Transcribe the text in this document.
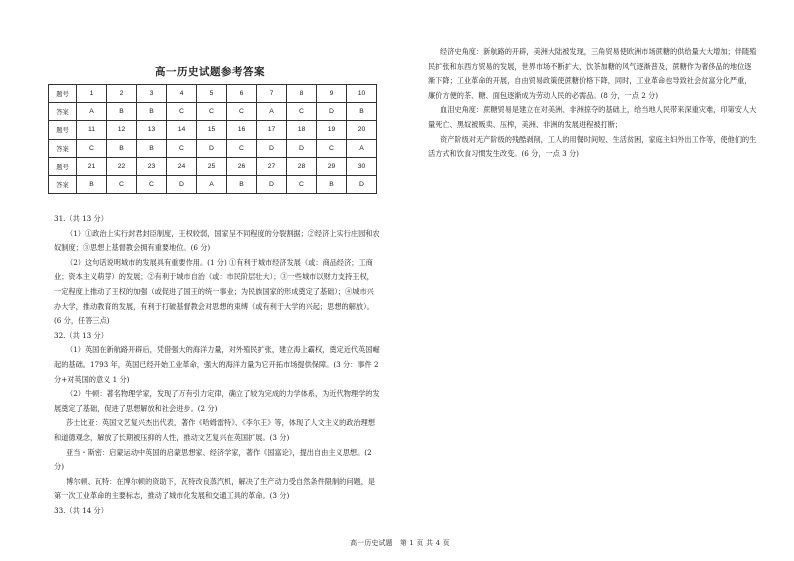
高一历史试题参考答案
题号	1	2	3	4	5	6	7	8	9	10
答案	A	B	B	C	C	C	A	C	D	B
题号	11	12	13	14	15	16	17	18	19	20
答案	C	B	B	C	D	C	D	D	C	A
题号	21	22	23	24	25	26	27	28	29	30
答案	B	C	C	D	A	B	D	C	B	D

31.（共 13 分）

（1）①政治上实行封君封臣制度，王权较弱，国家呈不同程度的分裂割据；②经济上实行庄园和农奴制度；③思想上基督教会拥有重要地位。(6 分)

（2）这句话说明城市的发展具有重要作用。(1 分) ①有利于城市经济发展（或：商品经济；工商业；资本主义萌芽）的发展；②有利于城市自治（或：市民阶层壮大）；③一些城市以财力支持王权，一定程度上推动了王权的加强（或促进了国王的统一事业；为民族国家的形成奠定了基础）；④城市兴办大学，推动教育的发展，有利于打破基督教会对思想的束缚（或有利于大学的兴起；思想的解放）。(6 分，任答三点)

32.（共 13 分）

（1）英国在新航路开辟后，凭借强大的海洋力量，对外殖民扩张，建立海上霸权，奠定近代英国崛起的基础。1793 年，英国已经开始工业革命，强大的海洋力量为它开拓市场提供保障。(3 分：事件 2 分+对英国的意义 1 分)

（2）牛顿：著名物理学家，发现了万有引力定律，确立了较为完成的力学体系，为近代物理学的发展奠定了基础，促进了思想解放和社会进步。(2 分)

莎士比亚：英国文艺复兴杰出代表，著作《哈姆雷特》、《李尔王》等，体现了人文主义的政治理想和道德观念，解放了长期被压抑的人性，推动文艺复兴在英国扩展。(3 分)

亚当・斯密：启蒙运动中英国的启蒙思想家、经济学家，著作《国富论》，提出自由主义思想。(2 分)

博尔顿、瓦特：在博尔顿的资助下，瓦特改良蒸汽机，解决了生产动力受自然条件限制的问题，是第一次工业革命的主要标志，推动了城市化发展和交通工具的革命。(3 分)

33.（共 14 分）

经济史角度：新航路的开辟，美洲大陆被发现，三角贸易使欧洲市场蔗糖的供给量大大增加；伴随殖民扩张和东西方贸易的发展，世界市场不断扩大，饮茶加糖的风气逐渐普及，蔗糖作为奢侈品的地位逐渐下降；工业革命的开展，自由贸易政策使蔗糖价格下降，同时，工业革命也导致社会贫富分化严重，廉价方便的茶、糖、面包逐渐成为劳动人民的必需品。(8 分，一点 2 分)

血泪史角度：蔗糖贸易是建立在对美洲、非洲掠夺的基础上，给当地人民带来深重灾难，印第安人大量死亡、黑奴被贩卖、压榨，美洲、非洲的发展进程被打断；

资产阶级对无产阶级的残酷剥削，工人的用餐时间短、生活贫困，家庭主妇外出工作等，使他们的生活方式和饮食习惯发生改变。(6 分，一点 3 分)

高一历史试题　第 1 页 共 4 页
